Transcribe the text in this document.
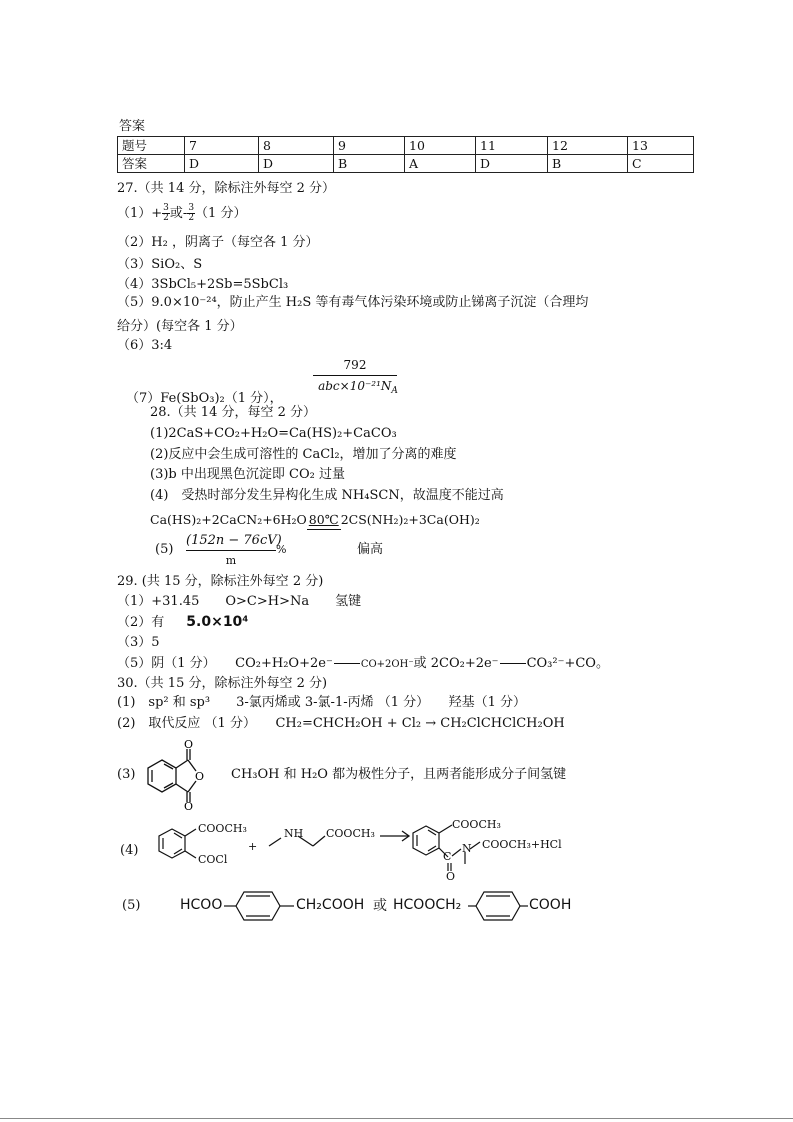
答案
题号	7	8	9	10	11	12	13
答案	D	D	B	A	D	B	C
27.（共 14 分，除标注外每空 2 分）
$(1)+ \frac{3}{2}$ 或- $\frac{3}{2} (1$ 分）
（2）H₂ ，阴离子（每空各 1 分）
（3）SiO₂、S
（4）3SbCl₅+2Sb=5SbCl₃
（5）9.0×10⁻²⁴，防止产生 H₂S 等有毒气体污染环境或防止锑离子沉淀（合理均
给分）(每空各 1 分）
（6）3:4
792
$abc\times 10^{-21}N_A$
（7）Fe(SbO₃)₂（1 分），
28.（共 14 分，每空 2 分）
(1)2CaS+CO₂+H₂O=Ca(HS)₂+CaCO₃
(2)反应中会生成可溶性的 CaCl₂，增加了分离的难度
(3)b 中出现黑色沉淀即 CO₂ 过量
(4)　受热时部分发生异构化生成 NH₄SCN，故温度不能过高
Ca(HS)₂+2CaCN₂+6H₂O 80℃ 2CS(NH₂)₂+3Ca(OH)₂
(5)
(152n − 76cV)
m
%	偏高
29. (共 15 分，除标注外每空 2 分)
（1）+31.45　　O>C>H>Na　　氢键
（2）有 5.0×10⁴
（3）5
（5）阴（1 分）　　CO₂+H₂O+2e⁻	CO+2OH⁻或 2CO₂+2e⁻ CO₃²⁻+CO。
30.（共 15 分，除标注外每空 2 分)
(1)　sp² 和 sp³　　3-氯丙烯或 3-氯-1-丙烯 （1 分）　　羟基（1 分）
(2)　取代反应 （1 分）　　CH₂=CHCH₂OH + Cl₂ → CH₂ClCHClCH₂OH
(3)
O
O
O
CH₃OH 和 H₂O 都为极性分子，且两者能形成分子间氢键
(4)
COOCH₃
COCl
+
NH COOCH₃ →
COOCH₃
C
O
N COOCH₃+HCl
(5)	HCOO	CH₂COOH 或 HCOOCH₂	COOH
